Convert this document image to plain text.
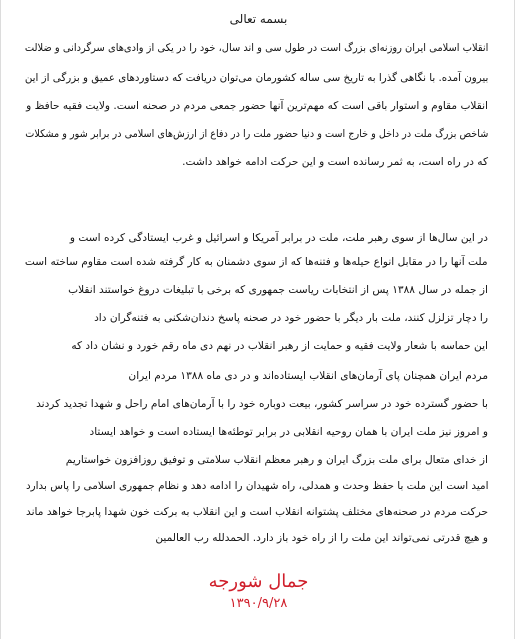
بسمه تعالی
انقلاب اسلامی ایران روزنه‌ای بزرگ است در طول سی و اند سال، خود را در یکی از وادی‌های سرگردانی و ضلالت
بیرون آمده. با نگاهی گذرا به تاریخ سی ساله کشورمان می‌توان دریافت که دستاوردهای عمیق و بزرگی از این
انقلاب مقاوم و استوار باقی است که مهم‌ترین آنها حضور جمعی مردم در صحنه است. ولایت فقیه حافظ و
شاخص بزرگ ملت در داخل و خارج است و دنیا حضور ملت را در دفاع از ارزش‌های اسلامی در برابر شور و مشکلات
که در راه است، به ثمر رسانده است و این حرکت ادامه خواهد داشت.
در این سال‌ها از سوی رهبر ملت، ملت در برابر آمریکا و اسرائیل و غرب ایستادگی کرده است و
ملت آنها را در مقابل انواع حیله‌ها و فتنه‌ها که از سوی دشمنان به کار گرفته شده است مقاوم ساخته است
از جمله در سال ۱۳۸۸ پس از انتخابات ریاست جمهوری که برخی با تبلیغات دروغ خواستند انقلاب
را دچار تزلزل کنند، ملت بار دیگر با حضور خود در صحنه پاسخ دندان‌شکنی به فتنه‌گران داد
این حماسه با شعار ولایت فقیه و حمایت از رهبر انقلاب در نهم دی ماه رقم خورد و نشان داد که
مردم ایران همچنان پای آرمان‌های انقلاب ایستاده‌اند و در دی ماه ۱۳۸۸ مردم ایران
با حضور گسترده خود در سراسر کشور، بیعت دوباره خود را با آرمان‌های امام راحل و شهدا تجدید کردند
و امروز نیز ملت ایران با همان روحیه انقلابی در برابر توطئه‌ها ایستاده است و خواهد ایستاد
از خدای متعال برای ملت بزرگ ایران و رهبر معظم انقلاب سلامتی و توفیق روزافزون خواستاریم
امید است این ملت با حفظ وحدت و همدلی، راه شهیدان را ادامه دهد و نظام جمهوری اسلامی را پاس بدارد
حرکت مردم در صحنه‌های مختلف پشتوانه انقلاب است و این انقلاب به برکت خون شهدا پابرجا خواهد ماند
و هیچ قدرتی نمی‌تواند این ملت را از راه خود باز دارد. الحمدلله رب العالمین
جمال شورجه
۱۳۹۰/۹/۲۸
